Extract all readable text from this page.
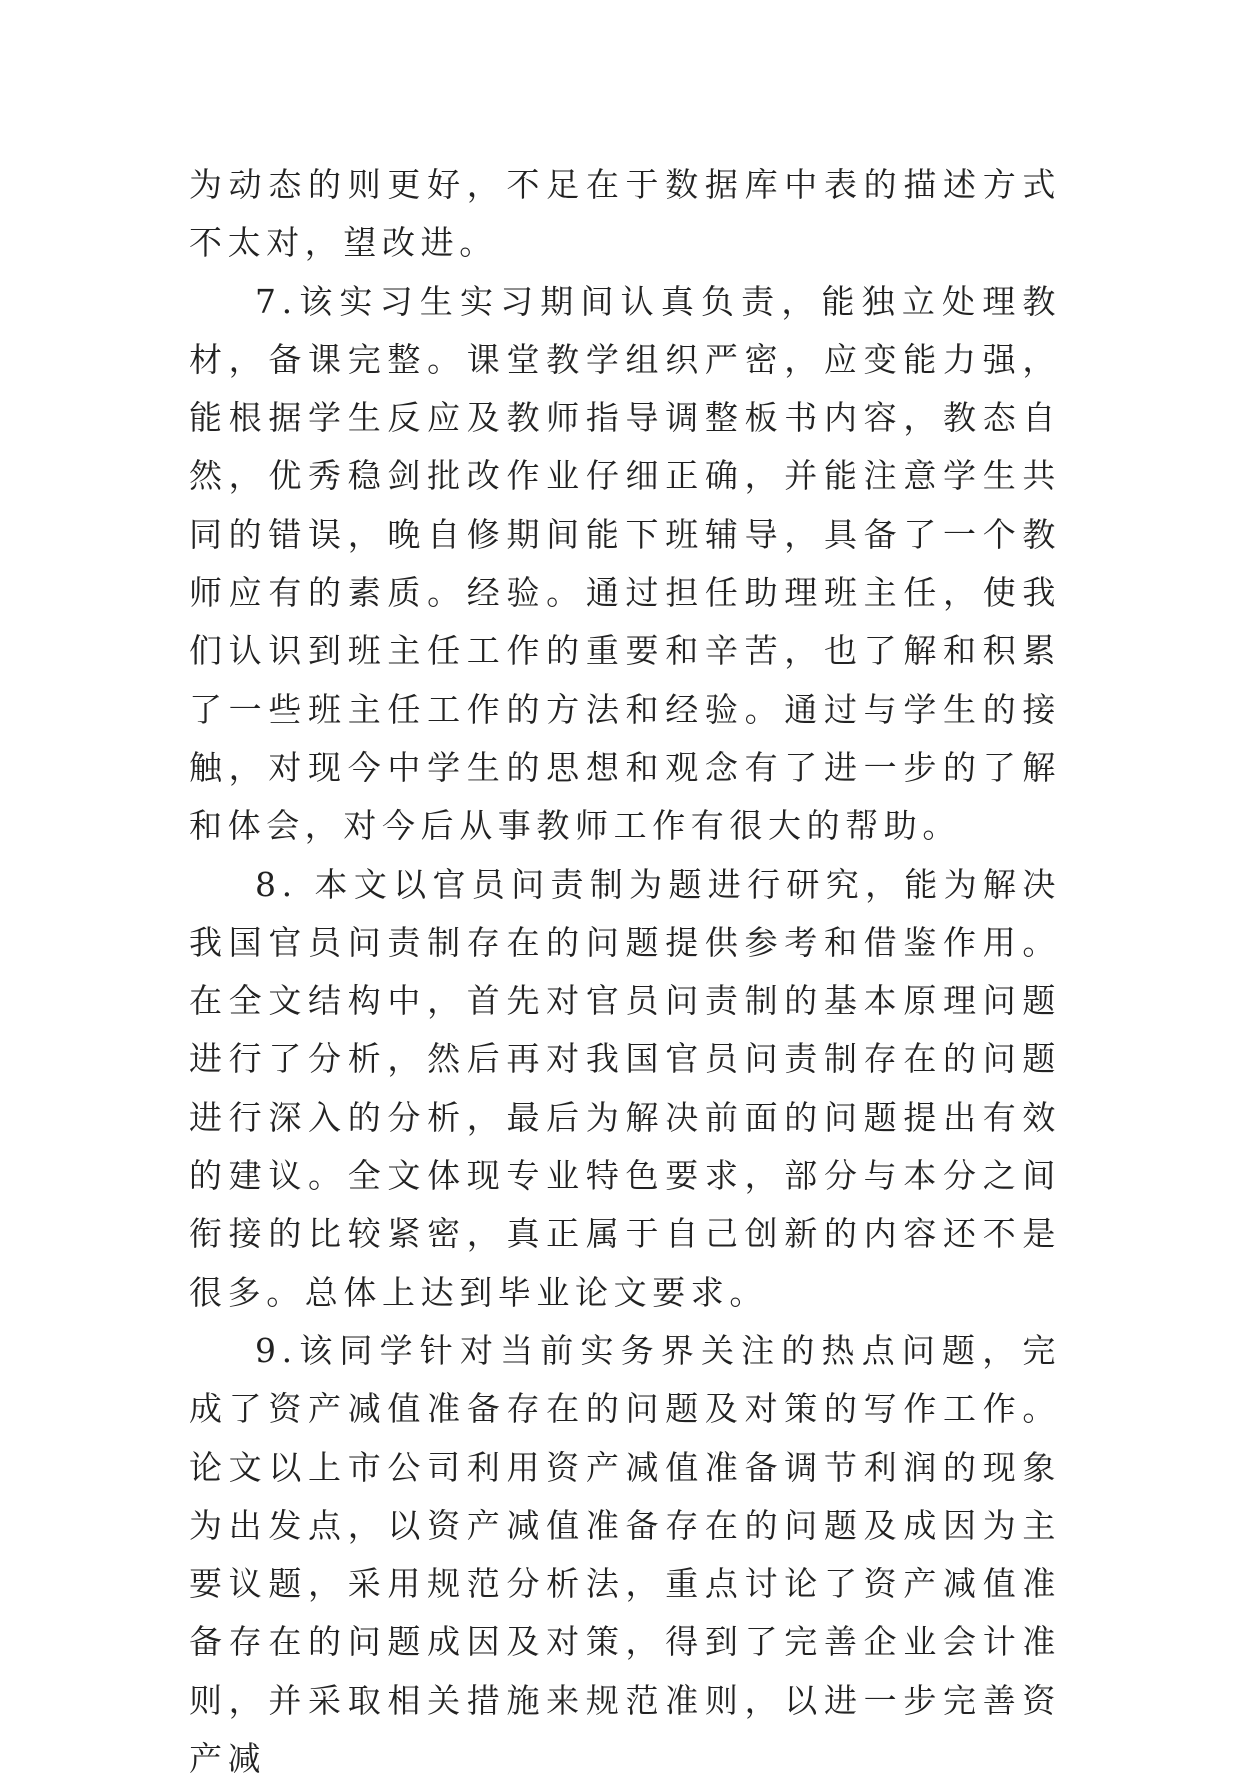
为动态的则更好，不足在于数据库中表的描述方式不太对，望改进。

7.该实习生实习期间认真负责，能独立处理教材，备课完整。课堂教学组织严密，应变能力强，能根据学生反应及教师指导调整板书内容，教态自然，优秀稳剑批改作业仔细正确，并能注意学生共同的错误，晚自修期间能下班辅导，具备了一个教师应有的素质。经验。通过担任助理班主任，使我们认识到班主任工作的重要和辛苦，也了解和积累了一些班主任工作的方法和经验。通过与学生的接触，对现今中学生的思想和观念有了进一步的了解和体会，对今后从事教师工作有很大的帮助。

8. 本文以官员问责制为题进行研究，能为解决我国官员问责制存在的问题提供参考和借鉴作用。在全文结构中，首先对官员问责制的基本原理问题进行了分析，然后再对我国官员问责制存在的问题进行深入的分析，最后为解决前面的问题提出有效的建议。全文体现专业特色要求，部分与本分之间衔接的比较紧密，真正属于自己创新的内容还不是很多。总体上达到毕业论文要求。

9.该同学针对当前实务界关注的热点问题，完成了资产减值准备存在的问题及对策的写作工作。论文以上市公司利用资产减值准备调节利润的现象为出发点，以资产减值准备存在的问题及成因为主要议题，采用规范分析法，重点讨论了资产减值准备存在的问题成因及对策，得到了完善企业会计准则，并采取相关措施来规范准则，以进一步完善资产减
